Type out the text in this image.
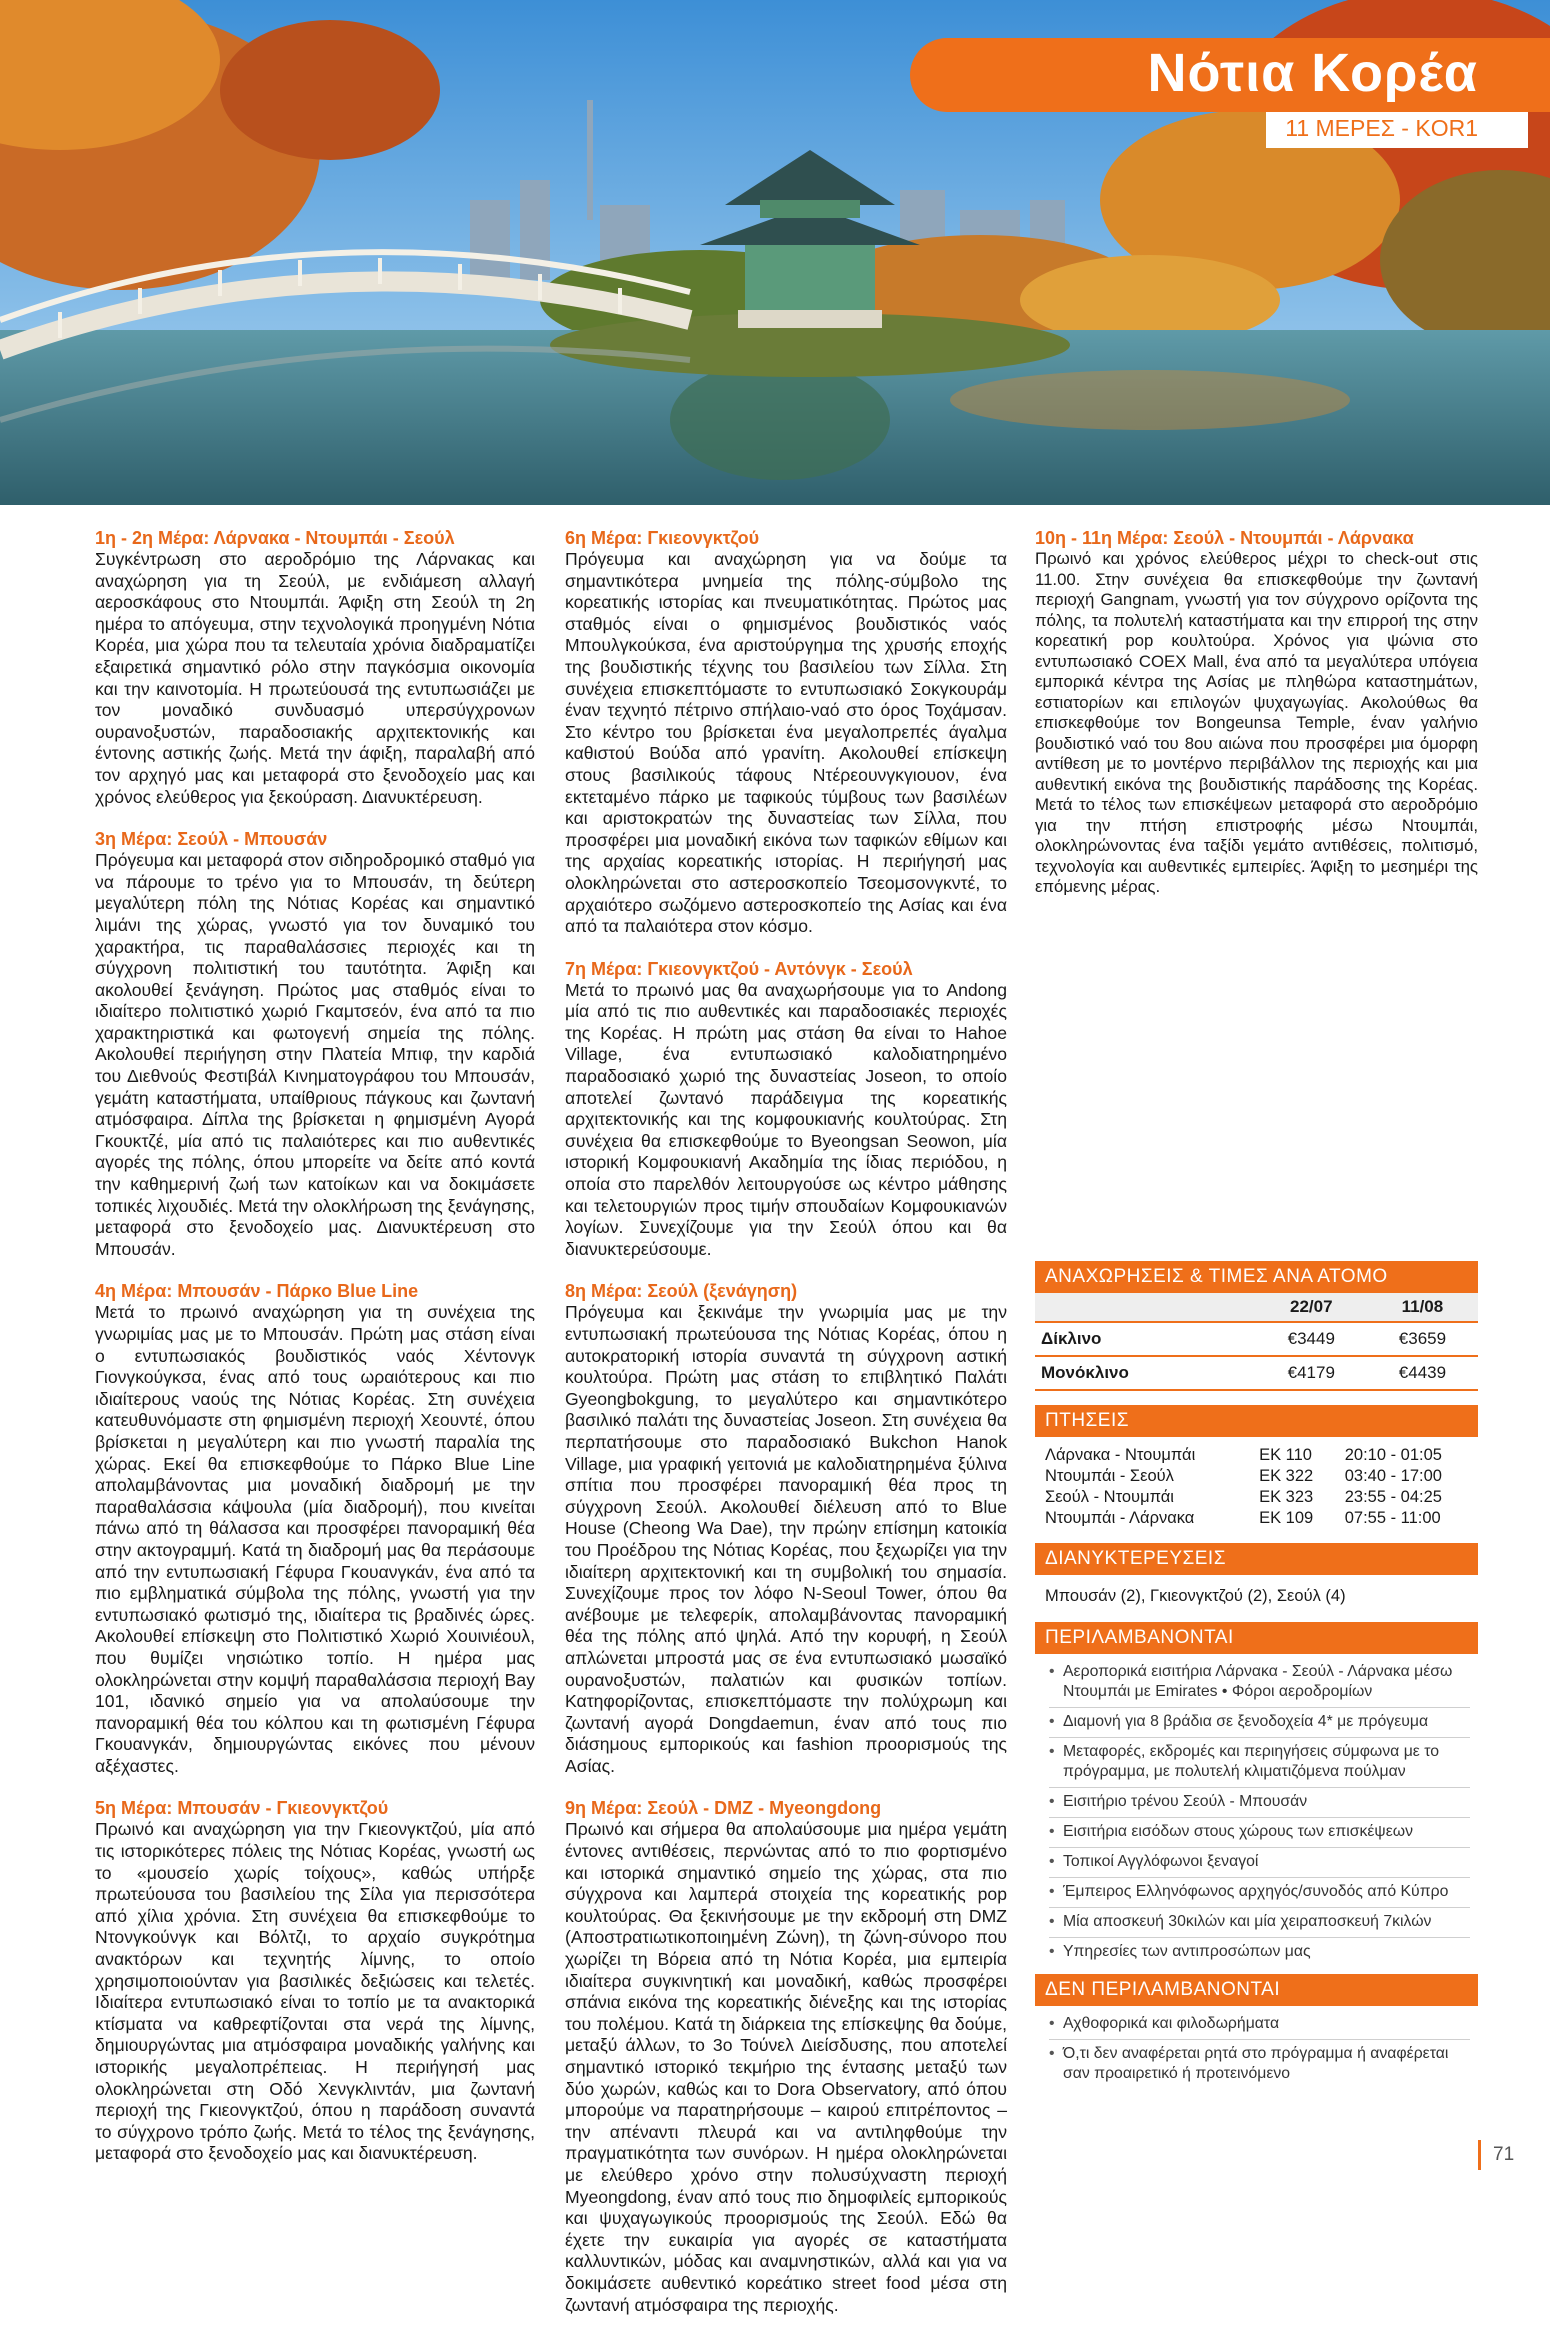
Νότια Κορέα
11 ΜΕΡΕΣ - KOR1
1η - 2η Μέρα: Λάρνακα - Ντουμπάι - Σεούλ

Συγκέντρωση στο αεροδρόμιο της Λάρνακας και αναχώρηση για τη Σεούλ, με ενδιάμεση αλλαγή αεροσκάφους στο Ντουμπάι. Άφιξη στη Σεούλ τη 2η ημέρα το απόγευμα, στην τεχνολογικά προηγμένη Νότια Κορέα, μια χώρα που τα τελευταία χρόνια διαδραματίζει εξαιρετικά σημαντικό ρόλο στην παγκόσμια οικονομία και την καινοτομία. Η πρωτεύουσά της εντυπωσιάζει με τον μοναδικό συνδυασμό υπερσύγχρονων ουρανοξυστών, παραδοσιακής αρχιτεκτονικής και έντονης αστικής ζωής. Μετά την άφιξη, παραλαβή από τον αρχηγό μας και μεταφορά στο ξενοδοχείο μας και χρόνος ελεύθερος για ξεκούραση. Διανυκτέρευση.

3η Μέρα: Σεούλ - Μπουσάν

Πρόγευμα και μεταφορά στον σιδηροδρομικό σταθμό για να πάρουμε το τρένο για το Μπουσάν, τη δεύτερη μεγαλύτερη πόλη της Νότιας Κορέας και σημαντικό λιμάνι της χώρας, γνωστό για τον δυναμικό του χαρακτήρα, τις παραθαλάσσιες περιοχές και τη σύγχρονη πολιτιστική του ταυτότητα. Άφιξη και ακολουθεί ξενάγηση. Πρώτος μας σταθμός είναι το ιδιαίτερο πολιτιστικό χωριό Γκαμτσεόν, ένα από τα πιο χαρακτηριστικά και φωτογενή σημεία της πόλης. Ακολουθεί περιήγηση στην Πλατεία Μπιφ, την καρδιά του Διεθνούς Φεστιβάλ Κινηματογράφου του Μπουσάν, γεμάτη καταστήματα, υπαίθριους πάγκους και ζωντανή ατμόσφαιρα. Δίπλα της βρίσκεται η φημισμένη Αγορά Γκουκτζέ, μία από τις παλαιότερες και πιο αυθεντικές αγορές της πόλης, όπου μπορείτε να δείτε από κοντά την καθημερινή ζωή των κατοίκων και να δοκιμάσετε τοπικές λιχουδιές. Μετά την ολοκλήρωση της ξενάγησης, μεταφορά στο ξενοδοχείο μας. Διανυκτέρευση στο Μπουσάν.

4η Μέρα: Μπουσάν - Πάρκο Blue Line

Μετά το πρωινό αναχώρηση για τη συνέχεια της γνωριμίας μας με το Μπουσάν. Πρώτη μας στάση είναι ο εντυπωσιακός βουδιστικός ναός Χέντονγκ Γιονγκούγκσα, ένας από τους ωραιότερους και πιο ιδιαίτερους ναούς της Νότιας Κορέας. Στη συνέχεια κατευθυνόμαστε στη φημισμένη περιοχή Χεουντέ, όπου βρίσκεται η μεγαλύτερη και πιο γνωστή παραλία της χώρας. Εκεί θα επισκεφθούμε το Πάρκο Blue Line απολαμβάνοντας μια μοναδική διαδρομή με την παραθαλάσσια κάψουλα (μία διαδρομή), που κινείται πάνω από τη θάλασσα και προσφέρει πανοραμική θέα στην ακτογραμμή. Κατά τη διαδρομή μας θα περάσουμε από την εντυπωσιακή Γέφυρα Γκουανγκάν, ένα από τα πιο εμβληματικά σύμβολα της πόλης, γνωστή για την εντυπωσιακό φωτισμό της, ιδιαίτερα τις βραδινές ώρες. Ακολουθεί επίσκεψη στο Πολιτιστικό Χωριό Χουινιέουλ, που θυμίζει νησιώτικο τοπίο. Η ημέρα μας ολοκληρώνεται στην κομψή παραθαλάσσια περιοχή Bay 101, ιδανικό σημείο για να απολαύσουμε την πανοραμική θέα του κόλπου και τη φωτισμένη Γέφυρα Γκουανγκάν, δημιουργώντας εικόνες που μένουν αξέχαστες.

5η Μέρα: Μπουσάν - Γκιεονγκτζού

Πρωινό και αναχώρηση για την Γκιεονγκτζού, μία από τις ιστορικότερες πόλεις της Νότιας Κορέας, γνωστή ως το «μουσείο χωρίς τοίχους», καθώς υπήρξε πρωτεύουσα του βασιλείου της Σίλα για περισσότερα από χίλια χρόνια. Στη συνέχεια θα επισκεφθούμε το Ντονγκούνγκ και Βόλτζι, το αρχαίο συγκρότημα ανακτόρων και τεχνητής λίμνης, το οποίο χρησιμοποιούνταν για βασιλικές δεξιώσεις και τελετές. Ιδιαίτερα εντυπωσιακό είναι το τοπίο με τα ανακτορικά κτίσματα να καθρεφτίζονται στα νερά της λίμνης, δημιουργώντας μια ατμόσφαιρα μοναδικής γαλήνης και ιστορικής μεγαλοπρέπειας. Η περιήγησή μας ολοκληρώνεται στη Οδό Χενγκλιντάν, μια ζωντανή περιοχή της Γκιεονγκτζού, όπου η παράδοση συναντά το σύγχρονο τρόπο ζωής. Μετά το τέλος της ξενάγησης, μεταφορά στο ξενοδοχείο μας και διανυκτέρευση.

6η Μέρα: Γκιεονγκτζού

Πρόγευμα και αναχώρηση για να δούμε τα σημαντικότερα μνημεία της πόλης-σύμβολο της κορεατικής ιστορίας και πνευματικότητας. Πρώτος μας σταθμός είναι ο φημισμένος βουδιστικός ναός Μπουλγκούκσα, ένα αριστούργημα της χρυσής εποχής της βουδιστικής τέχνης του βασιλείου των Σίλλα. Στη συνέχεια επισκεπτόμαστε το εντυπωσιακό Σοκγκουράμ έναν τεχνητό πέτρινο σπήλαιο-ναό στο όρος Τοχάμσαν. Στο κέντρο του βρίσκεται ένα μεγαλοπρεπές άγαλμα καθιστού Βούδα από γρανίτη. Ακολουθεί επίσκεψη στους βασιλικούς τάφους Ντέρεουνγκγιουον, ένα εκτεταμένο πάρκο με ταφικούς τύμβους των βασιλέων και αριστοκρατών της δυναστείας των Σίλλα, που προσφέρει μια μοναδική εικόνα των ταφικών εθίμων και της αρχαίας κορεατικής ιστορίας. Η περιήγησή μας ολοκληρώνεται στο αστεροσκοπείο Τσεομσονγκντέ, το αρχαιότερο σωζόμενο αστεροσκοπείο της Ασίας και ένα από τα παλαιότερα στον κόσμο.

7η Μέρα: Γκιεονγκτζού - Αντόνγκ - Σεούλ

Μετά το πρωινό μας θα αναχωρήσουμε για το Andong μία από τις πιο αυθεντικές και παραδοσιακές περιοχές της Κορέας. Η πρώτη μας στάση θα είναι το Hahoe Village, ένα εντυπωσιακό καλοδιατηρημένο παραδοσιακό χωριό της δυναστείας Joseon, το οποίο αποτελεί ζωντανό παράδειγμα της κορεατικής αρχιτεκτονικής και της κομφουκιανής κουλτούρας. Στη συνέχεια θα επισκεφθούμε το Byeongsan Seowon, μία ιστορική Κομφουκιανή Ακαδημία της ίδιας περιόδου, η οποία στο παρελθόν λειτουργούσε ως κέντρο μάθησης και τελετουργιών προς τιμήν σπουδαίων Κομφουκιανών λογίων. Συνεχίζουμε για την Σεούλ όπου και θα διανυκτερεύσουμε.

8η Μέρα: Σεούλ (ξενάγηση)

Πρόγευμα και ξεκινάμε την γνωριμία μας με την εντυπωσιακή πρωτεύουσα της Νότιας Κορέας, όπου η αυτοκρατορική ιστορία συναντά τη σύγχρονη αστική κουλτούρα. Πρώτη μας στάση το επιβλητικό Παλάτι Gyeongbokgung, το μεγαλύτερο και σημαντικότερο βασιλικό παλάτι της δυναστείας Joseon. Στη συνέχεια θα περπατήσουμε στο παραδοσιακό Bukchon Hanok Village, μια γραφική γειτονιά με καλοδιατηρημένα ξύλινα σπίτια που προσφέρει πανοραμική θέα προς τη σύγχρονη Σεούλ. Ακολουθεί διέλευση από το Blue House (Cheong Wa Dae), την πρώην επίσημη κατοικία του Προέδρου της Νότιας Κορέας, που ξεχωρίζει για την ιδιαίτερη αρχιτεκτονική και τη συμβολική του σημασία. Συνεχίζουμε προς τον λόφο N-Seoul Tower, όπου θα ανέβουμε με τελεφερίκ, απολαμβάνοντας πανοραμική θέα της πόλης από ψηλά. Από την κορυφή, η Σεούλ απλώνεται μπροστά μας σε ένα εντυπωσιακό μωσαϊκό ουρανοξυστών, παλατιών και φυσικών τοπίων. Κατηφορίζοντας, επισκεπτόμαστε την πολύχρωμη και ζωντανή αγορά Dongdaemun, έναν από τους πιο διάσημους εμπορικούς και fashion προορισμούς της Ασίας.

9η Μέρα: Σεούλ - DMZ - Myeongdong

Πρωινό και σήμερα θα απολαύσουμε μια ημέρα γεμάτη έντονες αντιθέσεις, περνώντας από το πιο φορτισμένο και ιστορικά σημαντικό σημείο της χώρας, στα πιο σύγχρονα και λαμπερά στοιχεία της κορεατικής pop κουλτούρας. Θα ξεκινήσουμε με την εκδρομή στη DMZ (Αποστρατιωτικοποιημένη Ζώνη), τη ζώνη-σύνορο που χωρίζει τη Βόρεια από τη Νότια Κορέα, μια εμπειρία ιδιαίτερα συγκινητική και μοναδική, καθώς προσφέρει σπάνια εικόνα της κορεατικής διένεξης και της ιστορίας του πολέμου. Κατά τη διάρκεια της επίσκεψης θα δούμε, μεταξύ άλλων, το 3ο Τούνελ Διείσδυσης, που αποτελεί σημαντικό ιστορικό τεκμήριο της έντασης μεταξύ των δύο χωρών, καθώς και το Dora Observatory, από όπου μπορούμε να παρατηρήσουμε – καιρού επιτρέποντος – την απέναντι πλευρά και να αντιληφθούμε την πραγματικότητα των συνόρων. Η ημέρα ολοκληρώνεται με ελεύθερο χρόνο στην πολυσύχναστη περιοχή Myeongdong, έναν από τους πιο δημοφιλείς εμπορικούς και ψυχαγωγικούς προορισμούς της Σεούλ. Εδώ θα έχετε την ευκαιρία για αγορές σε καταστήματα καλλυντικών, μόδας και αναμνηστικών, αλλά και για να δοκιμάσετε αυθεντικό κορεάτικο street food μέσα στη ζωντανή ατμόσφαιρα της περιοχής.

10η - 11η Μέρα: Σεούλ - Ντουμπάι - Λάρνακα

Πρωινό και χρόνος ελεύθερος μέχρι το check-out στις 11.00. Στην συνέχεια θα επισκεφθούμε την ζωντανή περιοχή Gangnam, γνωστή για τον σύγχρονο ορίζοντα της πόλης, τα πολυτελή καταστήματα και την επιρροή της στην κορεατική pop κουλτούρα. Χρόνος για ψώνια στο εντυπωσιακό COEX Mall, ένα από τα μεγαλύτερα υπόγεια εμπορικά κέντρα της Ασίας με πληθώρα καταστημάτων, εστιατορίων και επιλογών ψυχαγωγίας. Ακολούθως θα επισκεφθούμε τον Bongeunsa Temple, έναν γαλήνιο βουδιστικό ναό του 8ου αιώνα που προσφέρει μια όμορφη αντίθεση με το μοντέρνο περιβάλλον της περιοχής και μια αυθεντική εικόνα της βουδιστικής παράδοσης της Κορέας. Μετά το τέλος των επισκέψεων μεταφορά στο αεροδρόμιο για την πτήση επιστροφής μέσω Ντουμπάι, ολοκληρώνοντας ένα ταξίδι γεμάτο αντιθέσεις, πολιτισμό, τεχνολογία και αυθεντικές εμπειρίες. Άφιξη το μεσημέρι της επόμενης μέρας.

ΑΝΑΧΩΡΗΣΕΙΣ & ΤΙΜΕΣ ΑΝΑ ΑΤΟΜΟ
	22/07	11/08
Δίκλινο	€3449	€3659
Μονόκλινο	€4179	€4439
ΠΤΗΣΕΙΣ
Λάρνακα - Ντουμπάι	EK 110	20:10 - 01:05
Ντουμπάι - Σεούλ	EK 322	03:40 - 17:00
Σεούλ - Ντουμπάι	EK 323	23:55 - 04:25
Ντουμπάι - Λάρνακα	EK 109	07:55 - 11:00
ΔΙΑΝΥΚΤΕΡΕΥΣΕΙΣ
Μπουσάν (2), Γκιεονγκτζού (2), Σεούλ (4)
ΠΕΡΙΛΑΜΒΑΝΟΝΤΑΙ
• Αεροπορικά εισιτήρια Λάρνακα - Σεούλ - Λάρνακα μέσω Ντουμπάι με Emirates • Φόροι αεροδρομίων
• Διαμονή για 8 βράδια σε ξενοδοχεία 4* με πρόγευμα
• Μεταφορές, εκδρομές και περιηγήσεις σύμφωνα με το πρόγραμμα, με πολυτελή κλιματιζόμενα πούλμαν
• Εισιτήριο τρένου Σεούλ - Μπουσάν
• Εισιτήρια εισόδων στους χώρους των επισκέψεων
• Τοπικοί Αγγλόφωνοι ξεναγοί
• Έμπειρος Ελληνόφωνος αρχηγός/συνοδός από Κύπρο
• Μία αποσκευή 30κιλών και μία χειραποσκευή 7κιλών
• Υπηρεσίες των αντιπροσώπων μας
ΔΕΝ ΠΕΡΙΛΑΜΒΑΝΟΝΤΑΙ
• Αχθοφορικά και φιλοδωρήματα
• Ό,τι δεν αναφέρεται ρητά στο πρόγραμμα ή αναφέρεται σαν προαιρετικό ή προτεινόμενο
71
